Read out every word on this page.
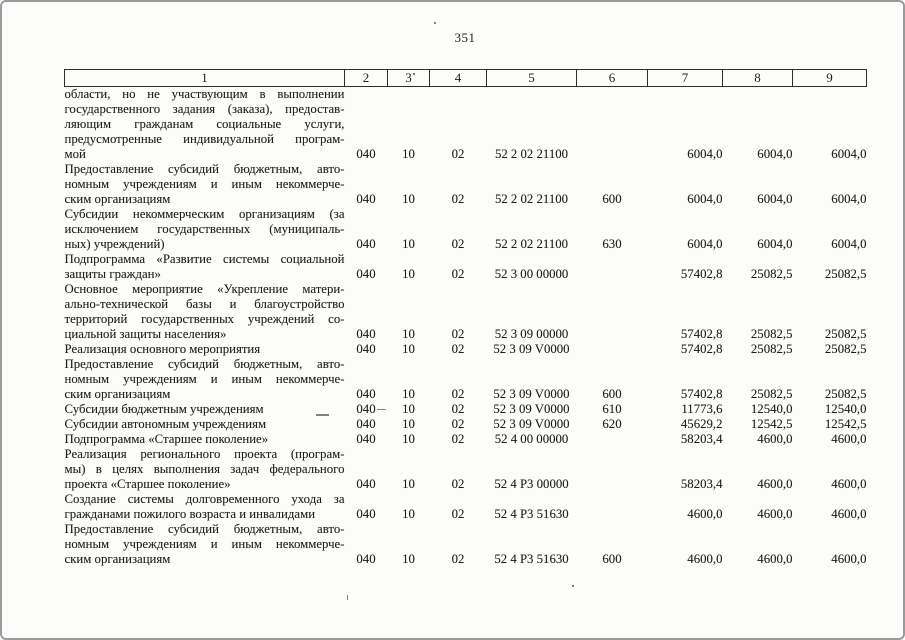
351
1	2	3	4	5	6	7	8	9

области, но не участвующим в выполнении
государственного задания (заказа), предостав-
ляющим гражданам социальные услуги,
предусмотренные индивидуальной програм-
мой	040	10	02	52 2 02 21100		6004,0	6004,0	6004,0

Предоставление субсидий бюджетным, авто-
номным учреждениям и иным некоммерче-
ским организациям	040	10	02	52 2 02 21100	600	6004,0	6004,0	6004,0

Субсидии некоммерческим организациям (за
исключением государственных (муниципаль-
ных) учреждений)	040	10	02	52 2 02 21100	630	6004,0	6004,0	6004,0

Подпрограмма «Развитие системы социальной
защиты граждан»	040	10	02	52 3 00 00000		57402,8	25082,5	25082,5

Основное мероприятие «Укрепление матери-
ально-технической базы и благоустройство
территорий государственных учреждений со-
циальной защиты населения»	040	10	02	52 3 09 00000		57402,8	25082,5	25082,5

Реализация основного мероприятия	040	10	02	52 3 09 V0000		57402,8	25082,5	25082,5

Предоставление субсидий бюджетным, авто-
номным учреждениям и иным некоммерче-
ским организациям	040	10	02	52 3 09 V0000	600	57402,8	25082,5	25082,5

Субсидии бюджетным учреждениям	040	10	02	52 3 09 V0000	610	11773,6	12540,0	12540,0

Субсидии автономным учреждениям	040	10	02	52 3 09 V0000	620	45629,2	12542,5	12542,5

Подпрограмма «Старшее поколение»	040	10	02	52 4 00 00000		58203,4	4600,0	4600,0

Реализация регионального проекта (програм-
мы) в целях выполнения задач федерального
проекта «Старшее поколение»	040	10	02	52 4 P3 00000		58203,4	4600,0	4600,0

Создание системы долговременного ухода за
гражданами пожилого возраста и инвалидами	040	10	02	52 4 P3 51630		4600,0	4600,0	4600,0

Предоставление субсидий бюджетным, авто-
номным учреждениям и иным некоммерче-
ским организациям	040	10	02	52 4 P3 51630	600	4600,0	4600,0	4600,0
